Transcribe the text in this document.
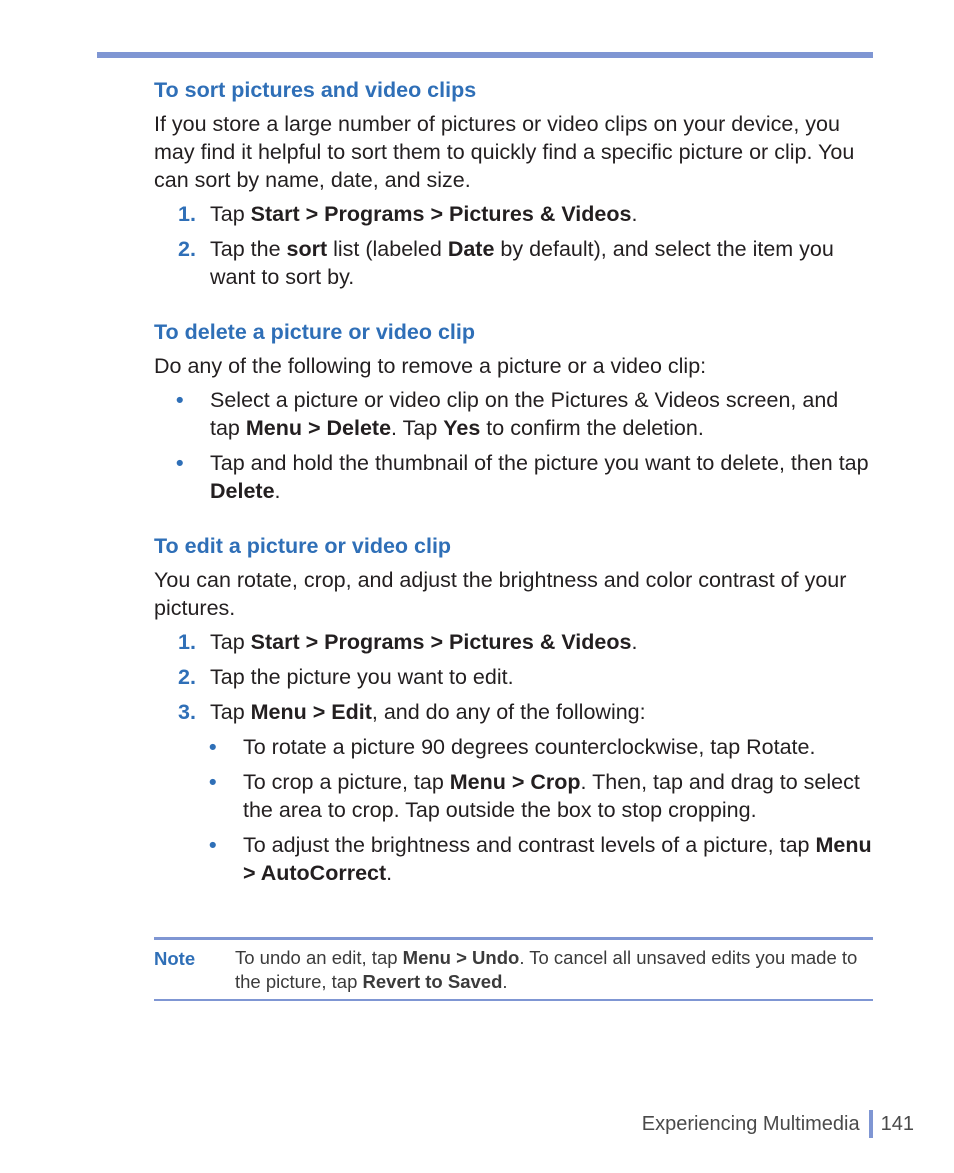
To sort pictures and video clips
If you store a large number of pictures or video clips on your device, you may find it helpful to sort them to quickly find a specific picture or clip. You can sort by name, date, and size.
1. Tap Start > Programs > Pictures & Videos.
2. Tap the sort list (labeled Date by default), and select the item you want to sort by.
To delete a picture or video clip
Do any of the following to remove a picture or a video clip:
• Select a picture or video clip on the Pictures & Videos screen, and tap Menu > Delete. Tap Yes to confirm the deletion.
• Tap and hold the thumbnail of the picture you want to delete, then tap Delete.
To edit a picture or video clip
You can rotate, crop, and adjust the brightness and color contrast of your pictures.
1. Tap Start > Programs > Pictures & Videos.
2. Tap the picture you want to edit.
3. Tap Menu > Edit, and do any of the following:
• To rotate a picture 90 degrees counterclockwise, tap Rotate.
• To crop a picture, tap Menu > Crop. Then, tap and drag to select the area to crop. Tap outside the box to stop cropping.
• To adjust the brightness and contrast levels of a picture, tap Menu > AutoCorrect.
Note To undo an edit, tap Menu > Undo. To cancel all unsaved edits you made to the picture, tap Revert to Saved.
Experiencing Multimedia 141
